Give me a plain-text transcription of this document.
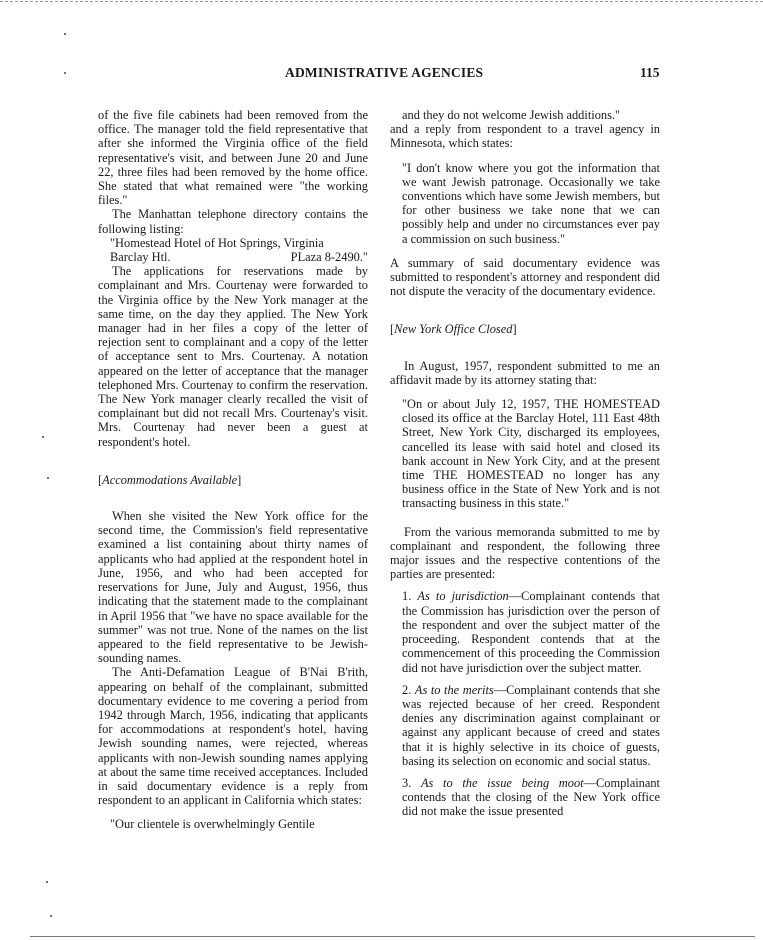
ADMINISTRATIVE AGENCIES	115

of the five file cabinets had been removed from the office. The manager told the field representative that after she informed the Virginia office of the field representative's visit, and between June 20 and June 22, three files had been removed by the home office. She stated that what remained were "the working files."

The Manhattan telephone directory contains the following listing:

"Homestead Hotel of Hot Springs, Virginia
Barclay Htl.	PLaza 8-2490."

The applications for reservations made by complainant and Mrs. Courtenay were forwarded to the Virginia office by the New York manager at the same time, on the day they applied. The New York manager had in her files a copy of the letter of rejection sent to complainant and a copy of the letter of acceptance sent to Mrs. Courtenay. A notation appeared on the letter of acceptance that the manager telephoned Mrs. Courtenay to confirm the reservation. The New York manager clearly recalled the visit of complainant but did not recall Mrs. Courtenay's visit. Mrs. Courtenay had never been a guest at respondent's hotel.

[Accommodations Available]

When she visited the New York office for the second time, the Commission's field representative examined a list containing about thirty names of applicants who had applied at the respondent hotel in June, 1956, and who had been accepted for reservations for June, July and August, 1956, thus indicating that the statement made to the complainant in April 1956 that "we have no space available for the summer" was not true. None of the names on the list appeared to the field representative to be Jewish-sounding names.

The Anti-Defamation League of B'Nai B'rith, appearing on behalf of the complainant, submitted documentary evidence to me covering a period from 1942 through March, 1956, indicating that applicants for accommodations at respondent's hotel, having Jewish sounding names, were rejected, whereas applicants with non-Jewish sounding names applying at about the same time received acceptances. Included in said documentary evidence is a reply from respondent to an applicant in California which states:

"Our clientele is overwhelmingly Gentile

and they do not welcome Jewish additions."

and a reply from respondent to a travel agency in Minnesota, which states:

"I don't know where you got the information that we want Jewish patronage. Occasionally we take conventions which have some Jewish members, but for other business we take none that we can possibly help and under no circumstances ever pay a commission on such business."

A summary of said documentary evidence was submitted to respondent's attorney and respondent did not dispute the veracity of the documentary evidence.

[New York Office Closed]

In August, 1957, respondent submitted to me an affidavit made by its attorney stating that:

"On or about July 12, 1957, THE HOMESTEAD closed its office at the Barclay Hotel, 111 East 48th Street, New York City, discharged its employees, cancelled its lease with said hotel and closed its bank account in New York City, and at the present time THE HOMESTEAD no longer has any business office in the State of New York and is not transacting business in this state."

From the various memoranda submitted to me by complainant and respondent, the following three major issues and the respective contentions of the parties are presented:

1. As to jurisdiction—Complainant contends that the Commission has jurisdiction over the person of the respondent and over the subject matter of the proceeding. Respondent contends that at the commencement of this proceeding the Commission did not have jurisdiction over the subject matter.
2. As to the merits—Complainant contends that she was rejected because of her creed. Respondent denies any discrimination against complainant or against any applicant because of creed and states that it is highly selective in its choice of guests, basing its selection on economic and social status.
3. As to the issue being moot—Complainant contends that the closing of the New York office did not make the issue presented
